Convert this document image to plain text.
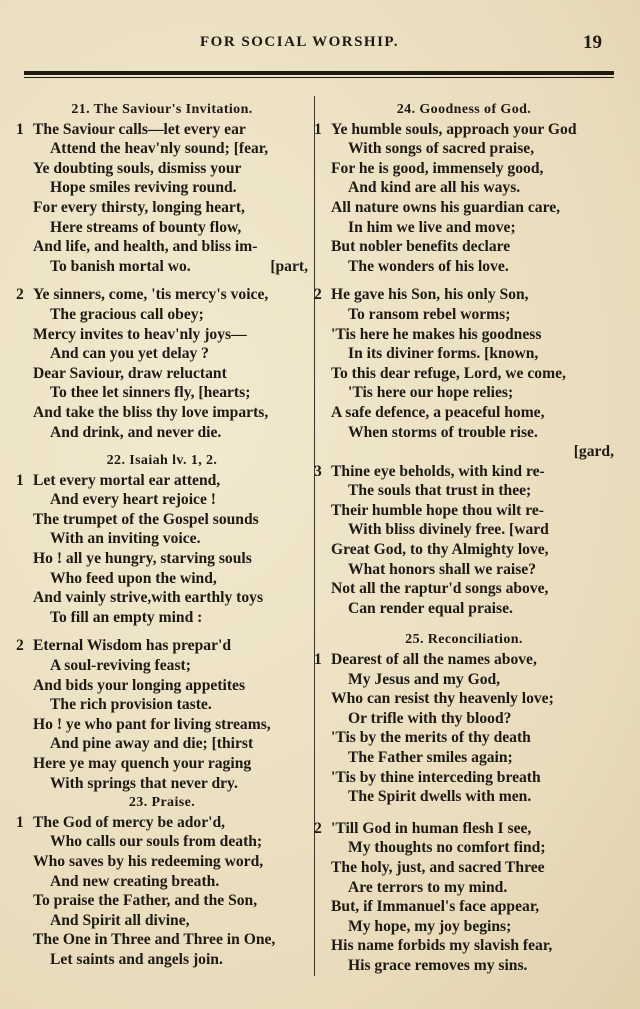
FOR SOCIAL WORSHIP.	19
21. The Saviour's Invitation.
1 The Saviour calls—let every ear
Attend the heav'nly sound; [fear,
Ye doubting souls, dismiss your
Hope smiles reviving round.
For every thirsty, longing heart,
Here streams of bounty flow,
And life, and health, and bliss im-
To banish mortal wo.	[part,
2 Ye sinners, come, 'tis mercy's voice,
The gracious call obey;
Mercy invites to heav'nly joys—
And can you yet delay ?
Dear Saviour, draw reluctant
To thee let sinners fly, [hearts;
And take the bliss thy love imparts,
And drink, and never die.
22. Isaiah lv. 1, 2.
1 Let every mortal ear attend,
And every heart rejoice !
The trumpet of the Gospel sounds
With an inviting voice.
Ho ! all ye hungry, starving souls
Who feed upon the wind,
And vainly strive,with earthly toys
To fill an empty mind :
2 Eternal Wisdom has prepar'd
A soul-reviving feast;
And bids your longing appetites
The rich provision taste.
Ho ! ye who pant for living streams,
And pine away and die; [thirst
Here ye may quench your raging
With springs that never dry.
23. Praise.
1 The God of mercy be ador'd,
Who calls our souls from death;
Who saves by his redeeming word,
And new creating breath.
To praise the Father, and the Son,
And Spirit all divine,
The One in Three and Three in One,
Let saints and angels join.
24. Goodness of God.
1 Ye humble souls, approach your God
With songs of sacred praise,
For he is good, immensely good,
And kind are all his ways.
All nature owns his guardian care,
In him we live and move;
But nobler benefits declare
The wonders of his love.
2 He gave his Son, his only Son,
To ransom rebel worms;
'Tis here he makes his goodness
In its diviner forms. [known,
To this dear refuge, Lord, we come,
'Tis here our hope relies;
A safe defence, a peaceful home,
When storms of trouble rise.
[gard,
3 Thine eye beholds, with kind re-
The souls that trust in thee;
Their humble hope thou wilt re-
With bliss divinely free. [ward
Great God, to thy Almighty love,
What honors shall we raise?
Not all the raptur'd songs above,
Can render equal praise.
25. Reconciliation.
1 Dearest of all the names above,
My Jesus and my God,
Who can resist thy heavenly love;
Or trifle with thy blood?
'Tis by the merits of thy death
The Father smiles again;
'Tis by thine interceding breath
The Spirit dwells with men.
2 'Till God in human flesh I see,
My thoughts no comfort find;
The holy, just, and sacred Three
Are terrors to my mind.
But, if Immanuel's face appear,
My hope, my joy begins;
His name forbids my slavish fear,
His grace removes my sins.
